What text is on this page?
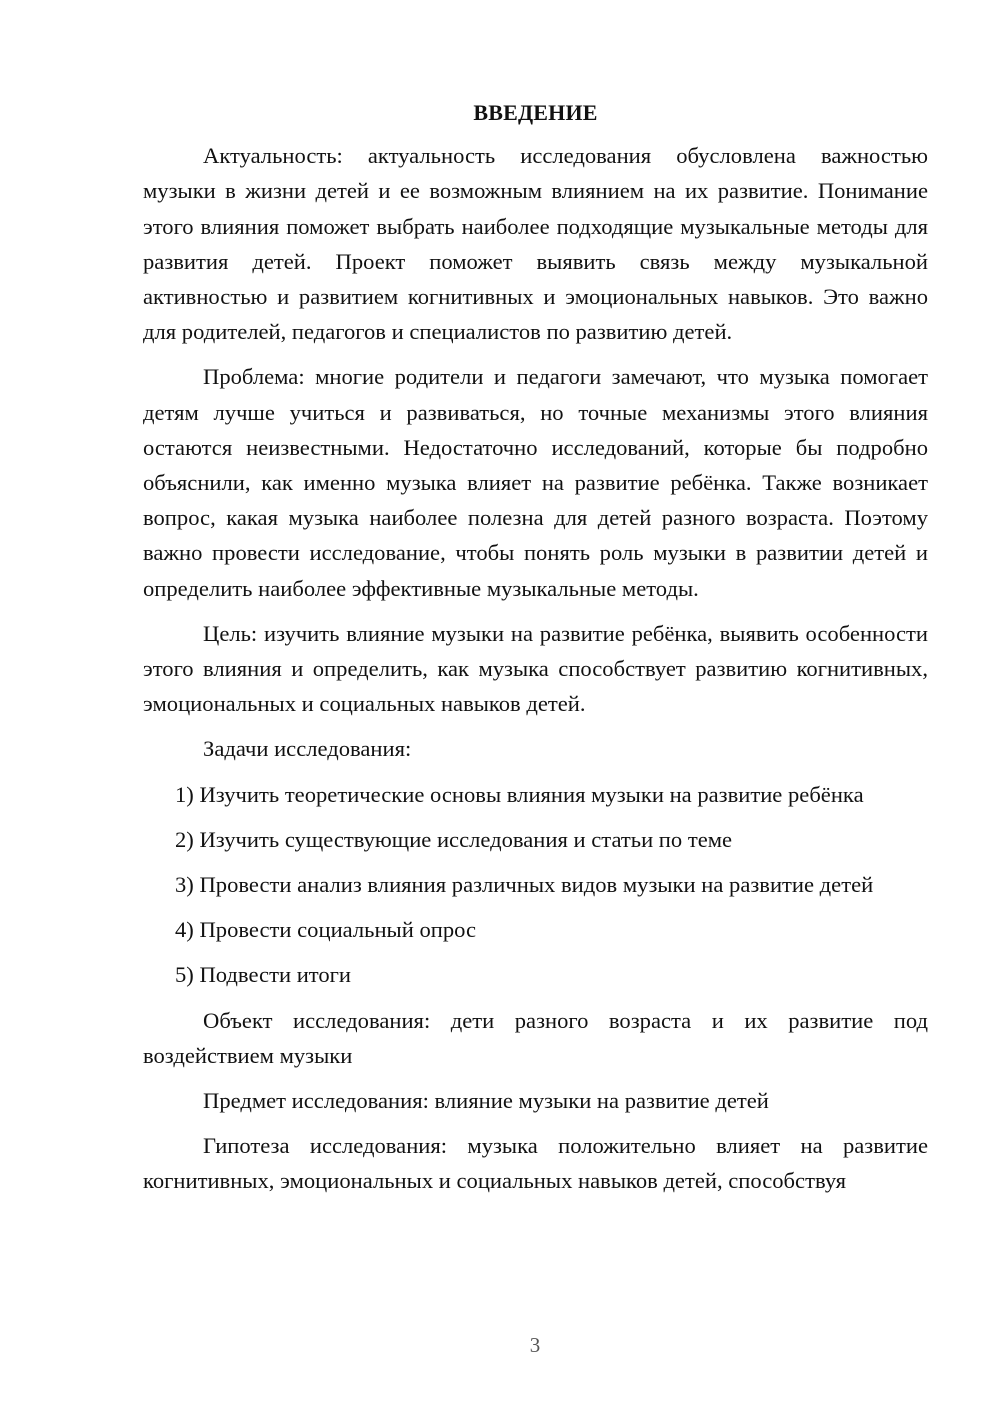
ВВЕДЕНИЕ

Актуальность: актуальность исследования обусловлена важностью музыки в жизни детей и ее возможным влиянием на их развитие. Понимание этого влияния поможет выбрать наиболее подходящие музыкальные методы для развития детей. Проект поможет выявить связь между музыкальной активностью и развитием когнитивных и эмоциональных навыков. Это важно для родителей, педагогов и специалистов по развитию детей.

Проблема: многие родители и педагоги замечают, что музыка помогает детям лучше учиться и развиваться, но точные механизмы этого влияния остаются неизвестными. Недостаточно исследований, которые бы подробно объяснили, как именно музыка влияет на развитие ребёнка. Также возникает вопрос, какая музыка наиболее полезна для детей разного возраста. Поэтому важно провести исследование, чтобы понять роль музыки в развитии детей и определить наиболее эффективные музыкальные методы.

Цель: изучить влияние музыки на развитие ребёнка, выявить особенности этого влияния и определить, как музыка способствует развитию когнитивных, эмоциональных и социальных навыков детей.

Задачи исследования:

1) Изучить теоретические основы влияния музыки на развитие ребёнка

2) Изучить существующие исследования и статьи по теме

3) Провести анализ влияния различных видов музыки на развитие детей

4) Провести социальный опрос

5) Подвести итоги

Объект исследования: дети разного возраста и их развитие под воздействием музыки

Предмет исследования: влияние музыки на развитие детей

Гипотеза исследования: музыка положительно влияет на развитие когнитивных, эмоциональных и социальных навыков детей, способствуя

3
